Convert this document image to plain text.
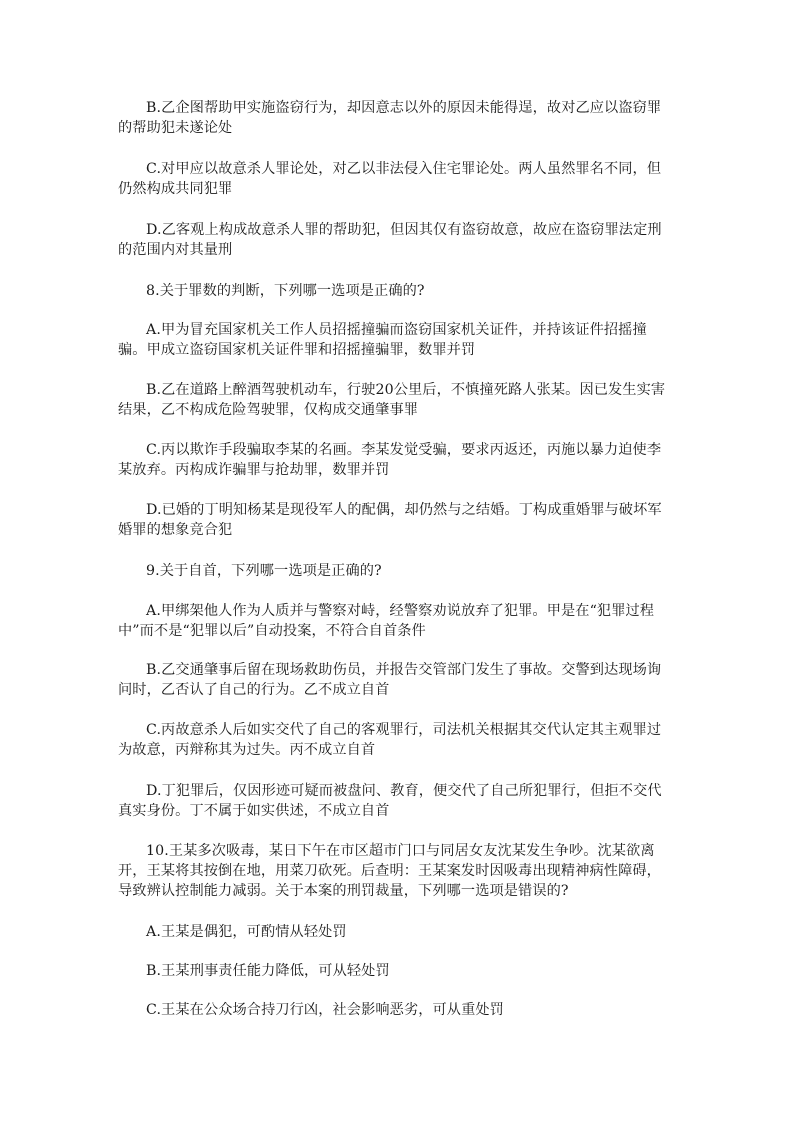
B.乙企图帮助甲实施盗窃行为，却因意志以外的原因未能得逞，故对乙应以盗窃罪的帮助犯未遂论处

C.对甲应以故意杀人罪论处，对乙以非法侵入住宅罪论处。两人虽然罪名不同，但仍然构成共同犯罪

D.乙客观上构成故意杀人罪的帮助犯，但因其仅有盗窃故意，故应在盗窃罪法定刑的范围内对其量刑

8.关于罪数的判断，下列哪一选项是正确的?

A.甲为冒充国家机关工作人员招摇撞骗而盗窃国家机关证件，并持该证件招摇撞骗。甲成立盗窃国家机关证件罪和招摇撞骗罪，数罪并罚

B.乙在道路上醉酒驾驶机动车，行驶20公里后，不慎撞死路人张某。因已发生实害结果，乙不构成危险驾驶罪，仅构成交通肇事罪

C.丙以欺诈手段骗取李某的名画。李某发觉受骗，要求丙返还，丙施以暴力迫使李某放弃。丙构成诈骗罪与抢劫罪，数罪并罚

D.已婚的丁明知杨某是现役军人的配偶，却仍然与之结婚。丁构成重婚罪与破坏军婚罪的想象竞合犯

9.关于自首，下列哪一选项是正确的?

A.甲绑架他人作为人质并与警察对峙，经警察劝说放弃了犯罪。甲是在“犯罪过程中”而不是“犯罪以后”自动投案，不符合自首条件

B.乙交通肇事后留在现场救助伤员，并报告交管部门发生了事故。交警到达现场询问时，乙否认了自己的行为。乙不成立自首

C.丙故意杀人后如实交代了自己的客观罪行，司法机关根据其交代认定其主观罪过为故意，丙辩称其为过失。丙不成立自首

D.丁犯罪后，仅因形迹可疑而被盘问、教育，便交代了自己所犯罪行，但拒不交代真实身份。丁不属于如实供述，不成立自首

10.王某多次吸毒，某日下午在市区超市门口与同居女友沈某发生争吵。沈某欲离开，王某将其按倒在地，用菜刀砍死。后查明：王某案发时因吸毒出现精神病性障碍，导致辨认控制能力减弱。关于本案的刑罚裁量，下列哪一选项是错误的?

A.王某是偶犯，可酌情从轻处罚

B.王某刑事责任能力降低，可从轻处罚

C.王某在公众场合持刀行凶，社会影响恶劣，可从重处罚
